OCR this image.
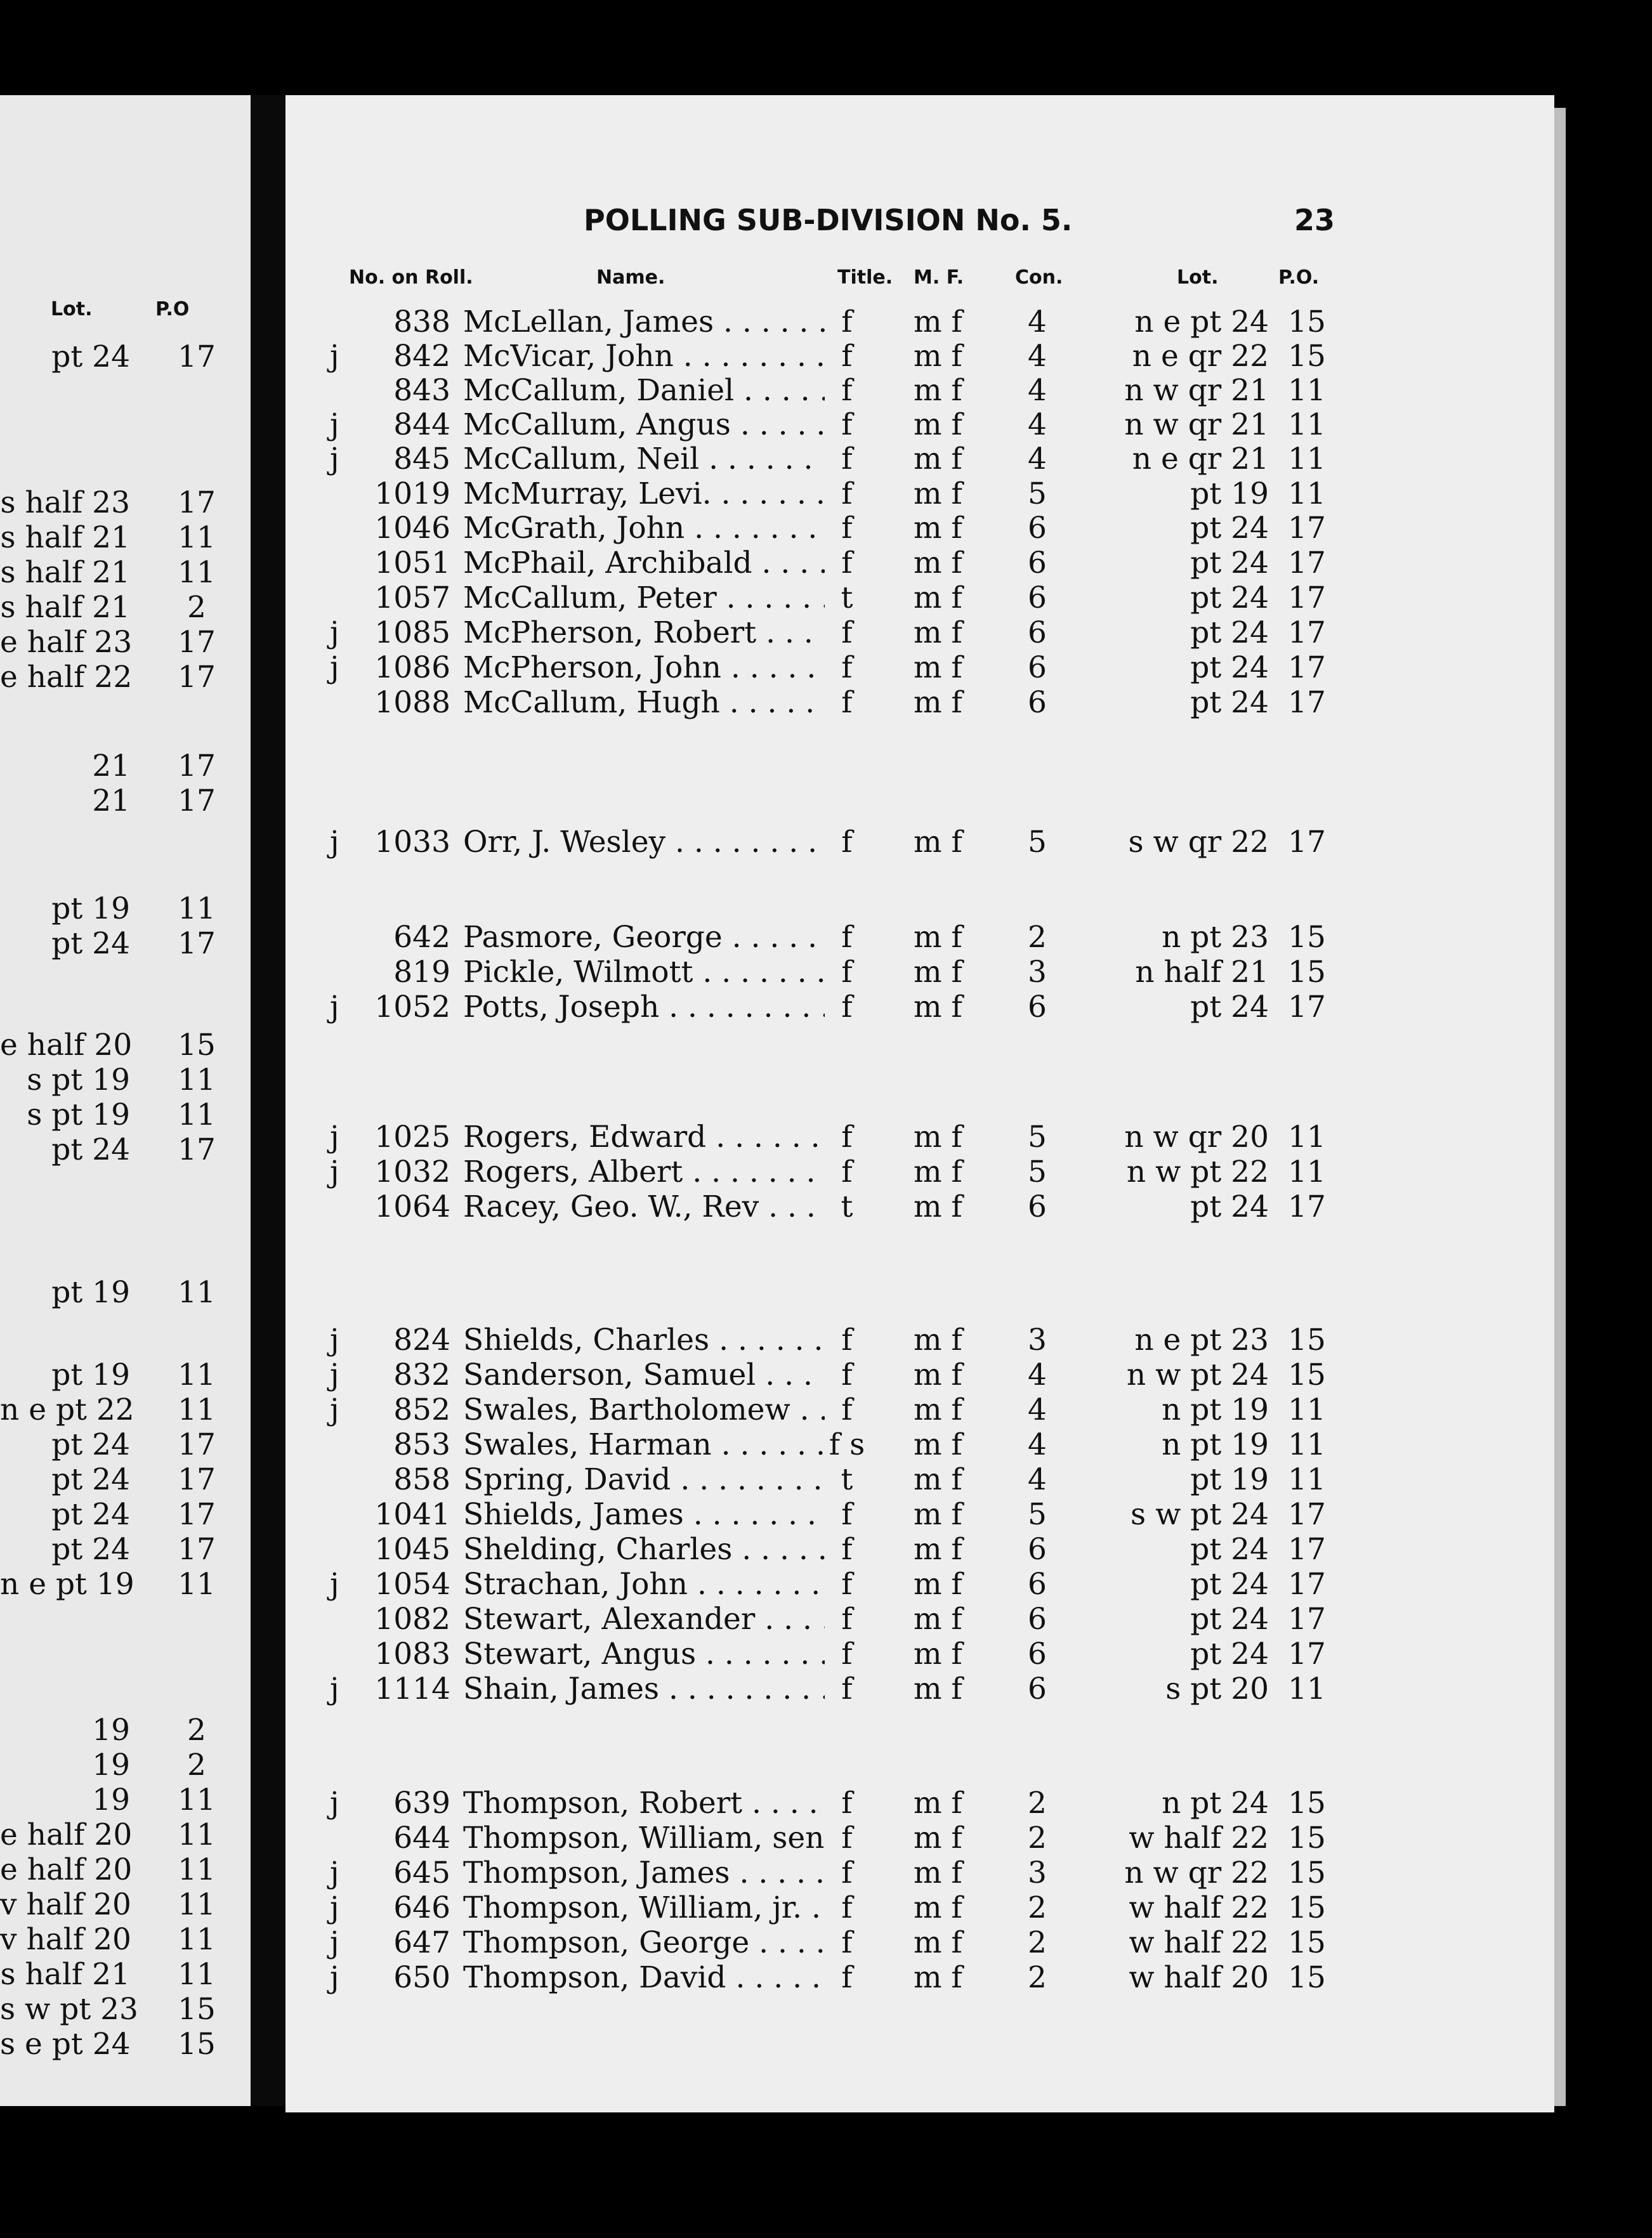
Lot.	P.O
pt 24 17
s half 23 17
s half 21 11
s half 21 11
s half 21	2
e half 23 17
e half 22 17
21 17
21 17
pt 19 11
pt 24 17
e half 20 15
s pt 19 11
s pt 19 11
pt 24 17
pt 19 11
pt 19 11
n e pt 22 11
pt 24 17
pt 24 17
pt 24 17
pt 24 17
n e pt 19 11
19	2
19	2
19 11
e half 20 11
e half 20 11
v half 20 11
v half 20 11
s half 21 11
s w pt 23 15
s e pt 24 15
POLLING SUB-DIVISION No. 5.	23
No. on Roll.	Name.	Title. M. F.	Con.	Lot.	P.O.
838 McLellan, James . . .	f	m f	4	n e pt 24 15
j	842 McVicar, John . . .	f	m f	4	n e qr 22 15
843 McCallum, Daniel . . .	f	m f	4	n w qr 21 11
j	844 McCallum, Angus . . .	f	m f	4	n w qr 21 11
j	845 McCallum, Neil . . .	f	m f	4	n e qr 21 11
1019 McMurray, Levi. . . .	f	m f	5	pt 19 11
1046 McGrath, John . . .	f	m f	6	pt 24 17
1051 McPhail, Archibald . . .	f	m f	6	pt 24 17
1057 McCallum, Peter . . .	t	m f	6	pt 24 17
j	1085 McPherson, Robert . . .	f	m f	6	pt 24 17
j	1086 McPherson, John . . .	f	m f	6	pt 24 17
1088 McCallum, Hugh . . .	f	m f	6	pt 24 17
j	1033 Orr, J. Wesley . . .	f	m f	5	s w qr 22 17
642 Pasmore, George . . .	f	m f	2	n pt 23 15
819 Pickle, Wilmott . . .	f	m f	3	n half 21 15
j	1052 Potts, Joseph . . .	f	m f	6	pt 24 17
j	1025 Rogers, Edward . . .	f	m f	5	n w qr 20 11
j	1032 Rogers, Albert . . .	f	m f	5	n w pt 22 11
1064 Racey, Geo. W., Rev . . .	t	m f	6	pt 24 17
j	824 Shields, Charles . . .	f	m f	3	n e pt 23 15
j	832 Sanderson, Samuel . . .	f	m f	4	n w pt 24 15
j	852 Swales, Bartholomew . . .	f	m f	4	n pt 19 11
853 Swales, Harman . . .	f s	m f	4	n pt 19 11
858 Spring, David . . .	t	m f	4	pt 19 11
1041 Shields, James . . .	f	m f	5	s w pt 24 17
1045 Shelding, Charles . . .	f	m f	6	pt 24 17
j	1054 Strachan, John . . .	f	m f	6	pt 24 17
1082 Stewart, Alexander . . .	f	m f	6	pt 24 17
1083 Stewart, Angus . . .	f	m f	6	pt 24 17
j	1114 Shain, James . . .	f	m f	6	s pt 20 11
j	639 Thompson, Robert . . .	f	m f	2	n pt 24 15
644 Thompson, William, sen . . . f	m f	2	w half 22 15
j	645 Thompson, James . . .	f	m f	3	n w qr 22 15
j	646 Thompson, William, jr. . . .	f	m f	2	w half 22 15
j	647 Thompson, George . . .	f	m f	2	w half 22 15
j	650 Thompson, David . . .	f	m f	2	w half 20 15
